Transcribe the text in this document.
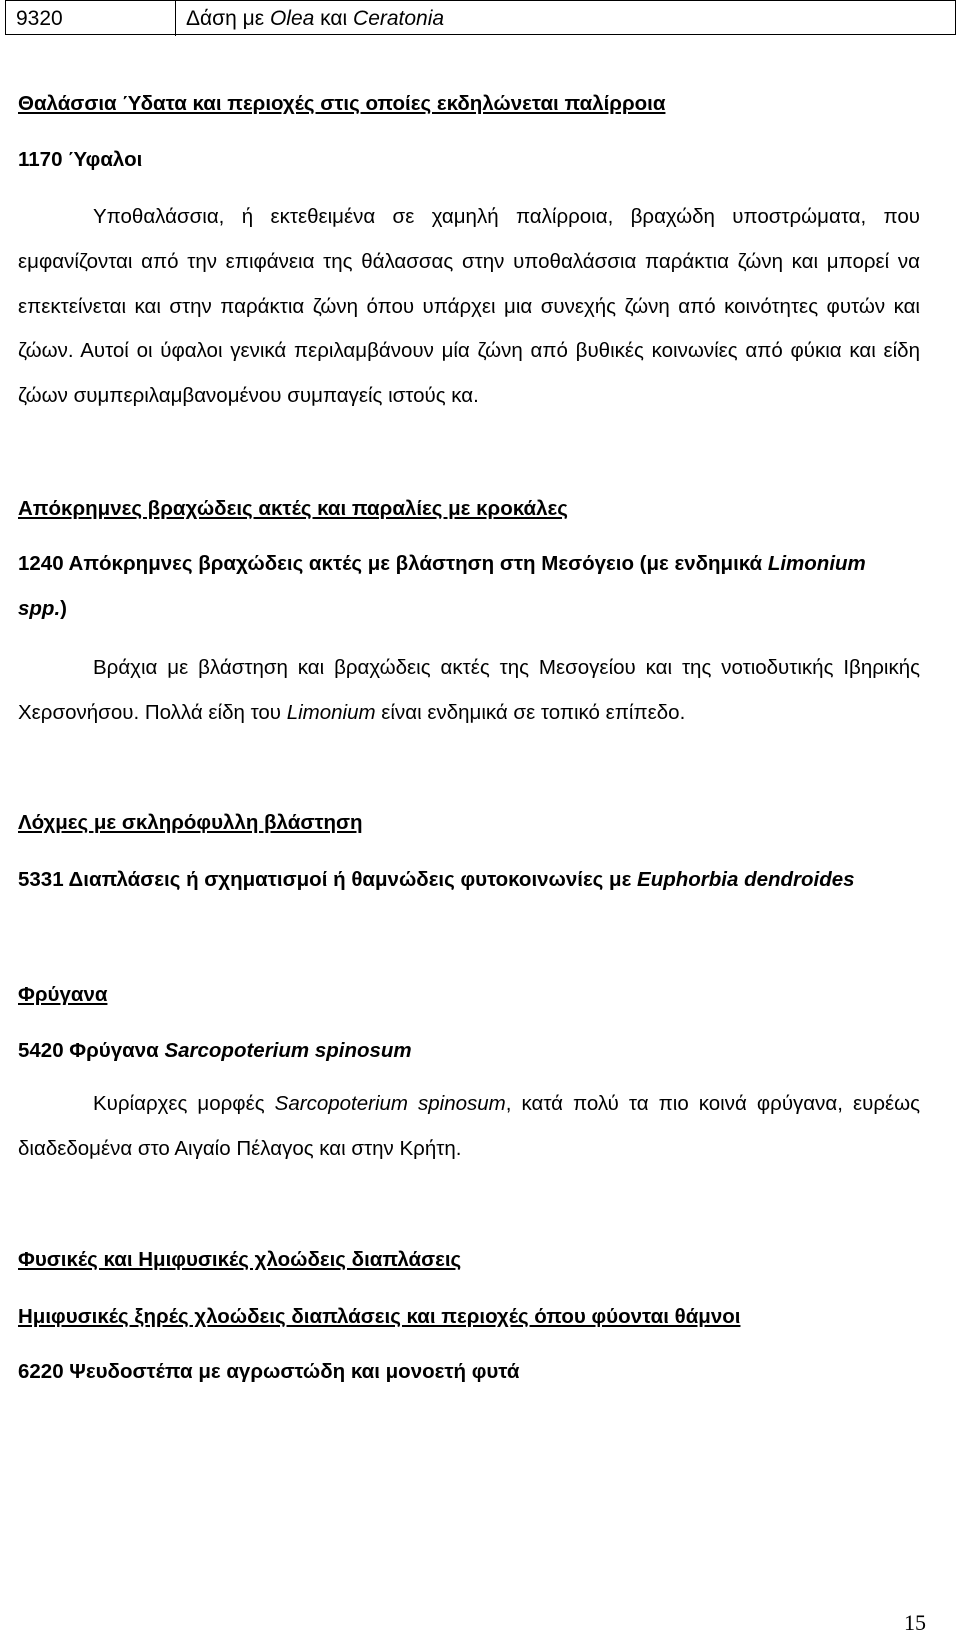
9320	Δάση με Olea και Ceratonia
Θαλάσσια Ύδατα και περιοχές στις οποίες εκδηλώνεται παλίρροια
1170 Ύφαλοι
Υποθαλάσσια, ή εκτεθειμένα σε χαμηλή παλίρροια, βραχώδη υποστρώματα, που εμφανίζονται από την επιφάνεια της θάλασσας στην υποθαλάσσια παράκτια ζώνη και μπορεί να επεκτείνεται και στην παράκτια ζώνη όπου υπάρχει μια συνεχής ζώνη από κοινότητες φυτών και ζώων. Αυτοί οι ύφαλοι γενικά περιλαμβάνουν μία ζώνη από βυθικές κοινωνίες από φύκια και είδη ζώων συμπεριλαμβανομένου συμπαγείς ιστούς κα.
Απόκρημνες βραχώδεις ακτές και παραλίες με κροκάλες
1240 Απόκρημνες βραχώδεις ακτές με βλάστηση στη Μεσόγειο (με ενδημικά Limonium spp.)
Βράχια με βλάστηση και βραχώδεις ακτές της Μεσογείου και της νοτιοδυτικής Ιβηρικής Χερσονήσου. Πολλά είδη του Limonium είναι ενδημικά σε τοπικό επίπεδο.
Λόχμες με σκληρόφυλλη βλάστηση
5331 Διαπλάσεις ή σχηματισμοί ή θαμνώδεις φυτοκοινωνίες με Euphorbia dendroides
Φρύγανα
5420 Φρύγανα Sarcopoterium spinosum
Κυρίαρχες μορφές Sarcopoterium spinosum, κατά πολύ τα πιο κοινά φρύγανα, ευρέως διαδεδομένα στο Αιγαίο Πέλαγος και στην Κρήτη.
Φυσικές και Ημιφυσικές χλοώδεις διαπλάσεις
Ημιφυσικές ξηρές χλοώδεις διαπλάσεις και περιοχές όπου φύονται θάμνοι
6220 Ψευδοστέπα με αγρωστώδη και μονοετή φυτά
15
